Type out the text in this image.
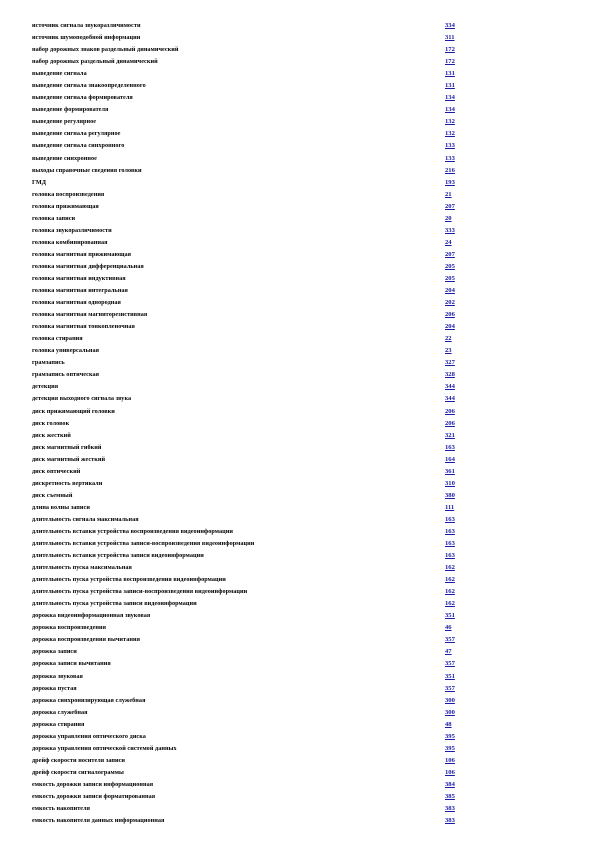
источник сигнала звукоразличимости	334
источник шумоподобной информации	311
набор дорожных знаков раздельный динамический	172
набор дорожных раздельный динамический	172
выведение сигнала	131
выведение сигнала знакоопределенного	131
выведение сигнала формирователя	134
выведение формирователя	134
выведение регулярное	132
выведение сигнала регулярное	132
выведение сигнала синхронного	133
выведение синхронное	133
выходы справочные сведения головки	216
ГМД	193
головка воспроизведения	21
головка прижимающая	207
головка записи	20
головка звукоразличимости	333
головка комбинированная	24
головка магнитная прижимающая	207
головка магнитная дифференциальная	205
головка магнитная индуктивная	205
головка магнитная интегральная	204
головка магнитная однородная	202
головка магнитная магниторезистивная	206
головка магнитная тонкопленочная	204
головка стирания	22
головка универсальная	23
грамзапись	327
грамзапись оптическая	328
детекция	344
детекция выходного сигнала звука	344
диск прижимающий головки	206
диск головок	206
диск жесткий	321
диск магнитный гибкий	163
диск магнитный жесткий	164
диск оптический	361
дискретность вертикали	310
диск съемный	380
длина волны записи	111
длительность сигнала максимальная	163
длительность вставки устройства воспроизведения видеоинформации	163
длительность вставки устройства записи-воспроизведения видеоинформации	163
длительность вставки устройства записи видеоинформации	163
длительность пуска максимальная	162
длительность пуска устройства воспроизведения видеоинформации	162
длительность пуска устройства записи-воспроизведения видеоинформации	162
длительность пуска устройства записи видеоинформации	162
дорожка видеоинформационная звуковая	351
дорожка воспроизведения	46
дорожка воспроизведения вычитания	357
дорожка записи	47
дорожка записи вычитания	357
дорожка звуковая	351
дорожка пустая	357
дорожка синхронизирующая служебная	300
дорожка служебная	300
дорожка стирания	48
дорожка управления оптического диска	395
дорожка управления оптической системой данных	395
дрейф скорости носителя записи	106
дрейф скорости сигналограммы	106
емкость дорожки записи информационная	384
емкость дорожки записи форматированная	385
емкость накопителя	383
емкость накопителя данных информационная	383
